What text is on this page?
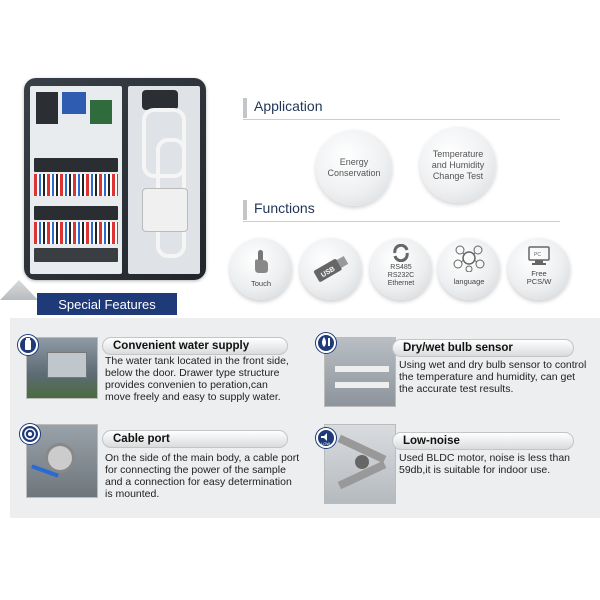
Application
Energy
Conservation
Temperature
and Humidity
Change Test
Functions
Touch
USB	RS485
RS232C
Ethernet	language
PC
Free
PCS/W
Special Features
Convenient water supply
The water tank located in the front side, below the door. Drawer type structure provides convenien to peration,can move freely and easy to supply water.
Dry/wet bulb sensor
Using wet and dry bulb sensor to control the temperature and humidity, can get the accurate test results.
Cable port
On the side of the main body, a cable port for connecting the power of the sample and a connection for easy determination is mounted.
LOW	Low-noise
Used BLDC motor, noise is less than 59db,it is suitable for indoor use.
